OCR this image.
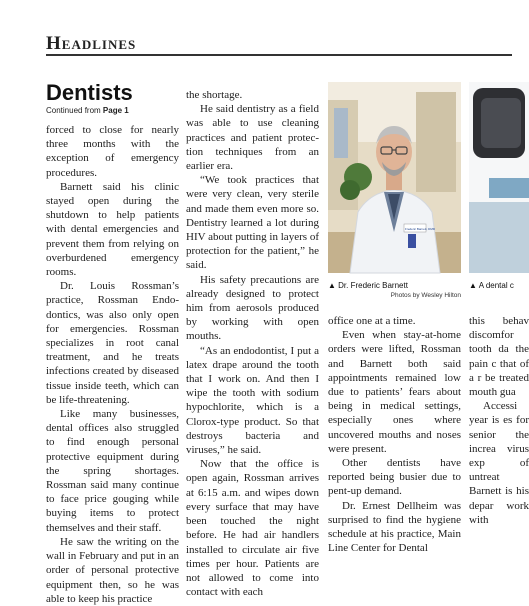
Headlines
Dentists
Continued from Page 1

forced to close for nearly three months with the exception of emergency procedures.

Barnett said his clinic stayed open during the shutdown to help patients with dental emergencies and prevent them from relying on overburdened emergency rooms.

Dr. Louis Rossman’s practice, Rossman Endodontics, was also only open for emergencies. Rossman specializes in root canal treatment, and he treats infections created by diseased tissue inside teeth, which can be life-threatening.

Like many businesses, dental offices also struggled to find enough personal protective equipment during the spring shortages. Rossman said many continue to face price gouging while buying items to protect themselves and their staff.

He saw the writing on the wall in February and put in an order of personal protective equipment then, so he was able to keep his practice

the shortage.

He said dentistry as a field was able to use cleaning practices and patient protection techniques from an earlier era.

“We took practices that were very clean, very sterile and made them even more so. Dentistry learned a lot during HIV about putting in layers of protection for the patient,” he said.

His safety precautions are already designed to protect him from aerosols produced by working with open mouths.

“As an endodontist, I put a latex drape around the tooth that I work on. And then I wipe the tooth with sodium hypochlorite, which is a Clorox-type product. So that destroys bacteria and viruses,” he said.

Now that the office is open again, Rossman arrives at 6:15 a.m. and wipes down every surface that may have been touched the night before. He had air handlers installed to circulate air five times per hour. Patients are not allowed to come into contact with each

Frederic Barnett, DMD
▲ Dr. Frederic Barnett
Photos by Wesley Hilton
▲ A dental c

office one at a time.

Even when stay-at-home orders were lifted, Rossman and Barnett both said appointments remained low due to patients’ fears about being in medical settings, especially ones where uncovered mouths and noses were present.

Other dentists have reported being busier due to pent-up demand.

Dr. Ernest Dellheim was surprised to find the hygiene schedule at his practice, Main Line Center for Dental

this behav discomfor tooth da the pain c that of a r be treated mouth gua

Accessi year is es for senior the increa virus exp of untreat Barnett is his depar work with
